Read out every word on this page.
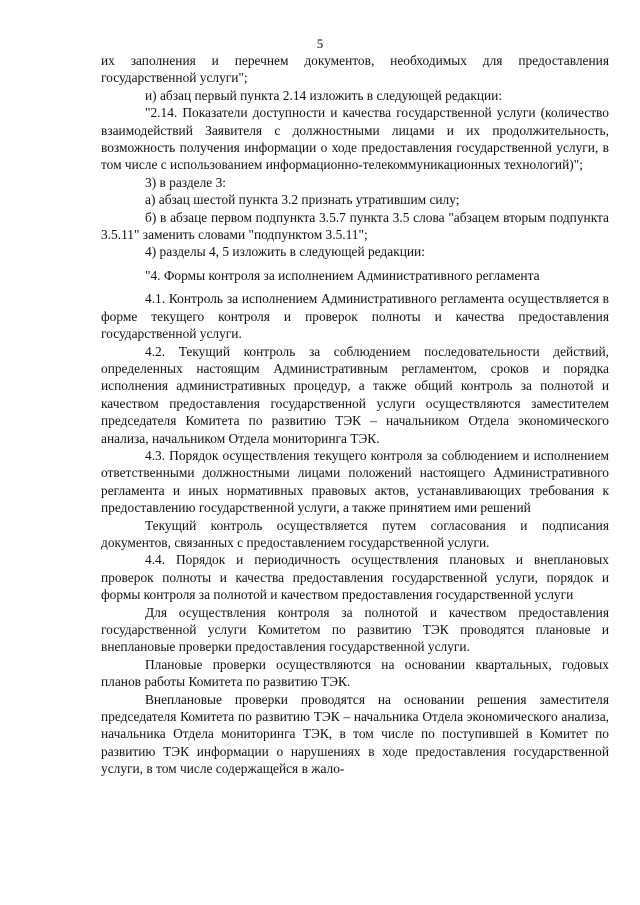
5

их заполнения и перечнем документов, необходимых для предоставления государственной услуги";

и) абзац первый пункта 2.14 изложить в следующей редакции:

"2.14. Показатели доступности и качества государственной услуги (количество взаимодействий Заявителя с должностными лицами и их продолжительность, возможность получения информации о ходе предоставления государственной услуги, в том числе с использованием информационно-телекоммуникационных технологий)";

3) в разделе 3:

а) абзац шестой пункта 3.2 признать утратившим силу;

б) в абзаце первом подпункта 3.5.7 пункта 3.5 слова "абзацем вторым подпункта 3.5.11" заменить словами "подпунктом 3.5.11";

4) разделы 4, 5 изложить в следующей редакции:

"4. Формы контроля за исполнением Административного регламента

4.1. Контроль за исполнением Административного регламента осуществляется в форме текущего контроля и проверок полноты и качества предоставления государственной услуги.

4.2. Текущий контроль за соблюдением последовательности действий, определенных настоящим Административным регламентом, сроков и порядка исполнения административных процедур, а также общий контроль за полнотой и качеством предоставления государственной услуги осуществляются заместителем председателя Комитета по развитию ТЭК – начальником Отдела экономического анализа, начальником Отдела мониторинга ТЭК.

4.3. Порядок осуществления текущего контроля за соблюдением и исполнением ответственными должностными лицами положений настоящего Административного регламента и иных нормативных правовых актов, устанавливающих требования к предоставлению государственной услуги, а также принятием ими решений

Текущий контроль осуществляется путем согласования и подписания документов, связанных с предоставлением государственной услуги.

4.4. Порядок и периодичность осуществления плановых и внеплановых проверок полноты и качества предоставления государственной услуги, порядок и формы контроля за полнотой и качеством предоставления государственной услуги

Для осуществления контроля за полнотой и качеством предоставления государственной услуги Комитетом по развитию ТЭК проводятся плановые и внеплановые проверки предоставления государственной услуги.

Плановые проверки осуществляются на основании квартальных, годовых планов работы Комитета по развитию ТЭК.

Внеплановые проверки проводятся на основании решения заместителя председателя Комитета по развитию ТЭК – начальника Отдела экономического анализа, начальника Отдела мониторинга ТЭК, в том числе по поступившей в Комитет по развитию ТЭК информации о нарушениях в ходе предоставления государственной услуги, в том числе содержащейся в жало-
